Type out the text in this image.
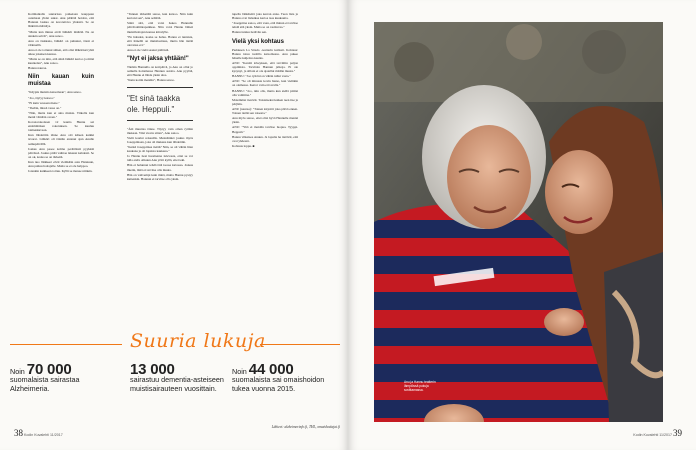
Kotimatkalla suutarissa poiketaan kauppaan ostamaan yhdet sukat. Anu päättää hoidon, että Hannun laskua on korotettava yhdestä. Se on lääkärin määräys.

"Mutta kun minua eivät lääkärit määrää. Ne on ainakin selvät", Anu sanoo.

Anu on tiukkana, lääkäri on puhunut, tässä ei väännellä.

Anu ei ole tottunut siihen, että olisi lääkärissä yhtä aikaa jokaisen kanssa.

"Mutta se on niin, että siinä lääkäri kertoo ja minä kuuntelen", Anu sanoo.

Hannu nauraa.

Niin kauan kuin muistaa

"Käypäs muistia katsomaan", Anu sanoo.

"Joo, täytyy katsoa."

"Et kuin vessaan mene."

"Tiedän, missä vessa on."

"Niin, mutta kun et aina muista. Viikolla kun menit väärään oveen."

Koronarokotteen 12 kautta Hannu sai ensimmäisen rokotuksen. Se kuuluu toimenkuvaan.

Kun lähdettiin tänne Anu otti käteen kaikki tavarat. Lääkäri oli tänään antanut ajan Anulle aamupäivällä.

Joskus Anu pesee kolme perättäistä pyykkiä päivässä. Joskus pitää vaihtaa lakanat kahdesti. Se on ok, koska se on tärkeää.

Kun nuo lääkkeet eivät vieläkään auta Hannuun, Anu puhuu hoitajalle. Mutta se ei ole helppoa.

Jotenkin kaikkeen tottuu. Kyllä se menee niinkin.

"Tunnen tärkeältä sanoa, kun katsoo. Niin kuin kertoisi sen", Anu selittää.

Siinä sitä, että voisi hakea Hannulle päivätoimintapaikkaa. Niin voisi Hannu lähteä muistihoitajan kanssa kävelylle.

"En haluaisi, koska se halua. Hannu ei tunnista, että hänellä on muistisairaus, mutta hän tietää olevansa eri."

Anu ei ole vielä saanut päätöstä.

"Nyt ei jaksa yhtään!"

Tänään Hannulla on kotipäivä, ja Anu on ollut jo aamulla hoitamassa Hannun asioita. Anu pyytää, että Hannu ei lähde yksin ulos.

"Kuin kotiin mentiin", Hannu sanoo.

"Et sinä taakka ole. Heppuli."

"Äiti muuttaa tänne. Täytyy vain oman rytmin mukaan. Viisi vuotta sitten", Anu sanoo.

Vielä koulut reissuilla. Mennäänkö joskus myös Joseppiinaan, joka oli mukana kun lähdettiin.

"Ketkä Joseppiinaa tietää? Niin, se oli vähän liian kaukana ja oli lapsista kaukana."

Jo Hannu tiesi huomenna tulevasta, ettei se voi tulla enää. Alkuun Anu yritti kyllä, ettei teki.

Hän ei halunnut tehdä tätä isossa kuvassa. Joskus mietin, mitä ei tarvitse olla muuta.

Hän on vahvempi kuin minä, mutta Hannu pystyy kuitenkin. Hannun ei tarvitse olla yksin.

tupella lääkäreitä joka kerran anna. Tuon lista ja Hannu ovat lisäaikaa kertoa taas kuukautta.

"Joseppiina sanoo, että vaan, että minun ei tarvitse tehdä sitä yksin. Mutta se on rasittavaa."

Hannu tuntuu tietävän sen.

Vielä yksi kohtaus

Pudaksen La Strada -teatterin kulissit. Kohtaus: Hannu istuu tuolilla katsomassa. Anu pukee hänelle kuljettaa kaunis.

ANU: "Kenttä kiveyksen, että tarvittiin paljon oppimista. Tarvitsin Hannun jalkoja. Et ole kysynyt, ja silloin et ole ajatellut mitään muuta."

HANNU: "Joo tyttöni on vähän tullut vasta."

ANU: "Se oli minusta kovin hieno, kun vieläkin on olemassa. Kerrot vain eri tavalla."

HANNU: "Joo, niin olis, mutta kun siellä pitäisi olla valmiina."

Molemmat tiesivät. Toistaiseksi kaiken teen itse ja pärjään.

ANU (nauraa): "Toinen kirjoitti joka päivä ennen. Toinen tietää sen toisesta."

Anu myös sanoo, ettei olisi hyvä Hannulle mennä yksin.

ANU: "Yhä ei meidän tarvitse luopua. Tyyppi. Heppuli."

Hannu vilkaisee Anuun. Ja lopulta he tietävät, että ovat yhdessä.

Kohtaus loppu. ■

Suuria lukuja
Noin 70 000
suomalaista sairastaa Alzheimeria.
13 000
sairastuu dementia-asteiseen muistisairauteen vuosittain.
Noin 44 000
suomalaista sai omaishoidon tukea vuonna 2015.
Lähteet: alzheimerinfo.fi, THL, omaishoitajat.fi
38 Kodin Kuvalehti 11/2017
Anu ja Hannu teatterin lämpiössä pukuja sovittamassa.
Kodin Kuvalehti 11/2017 39
